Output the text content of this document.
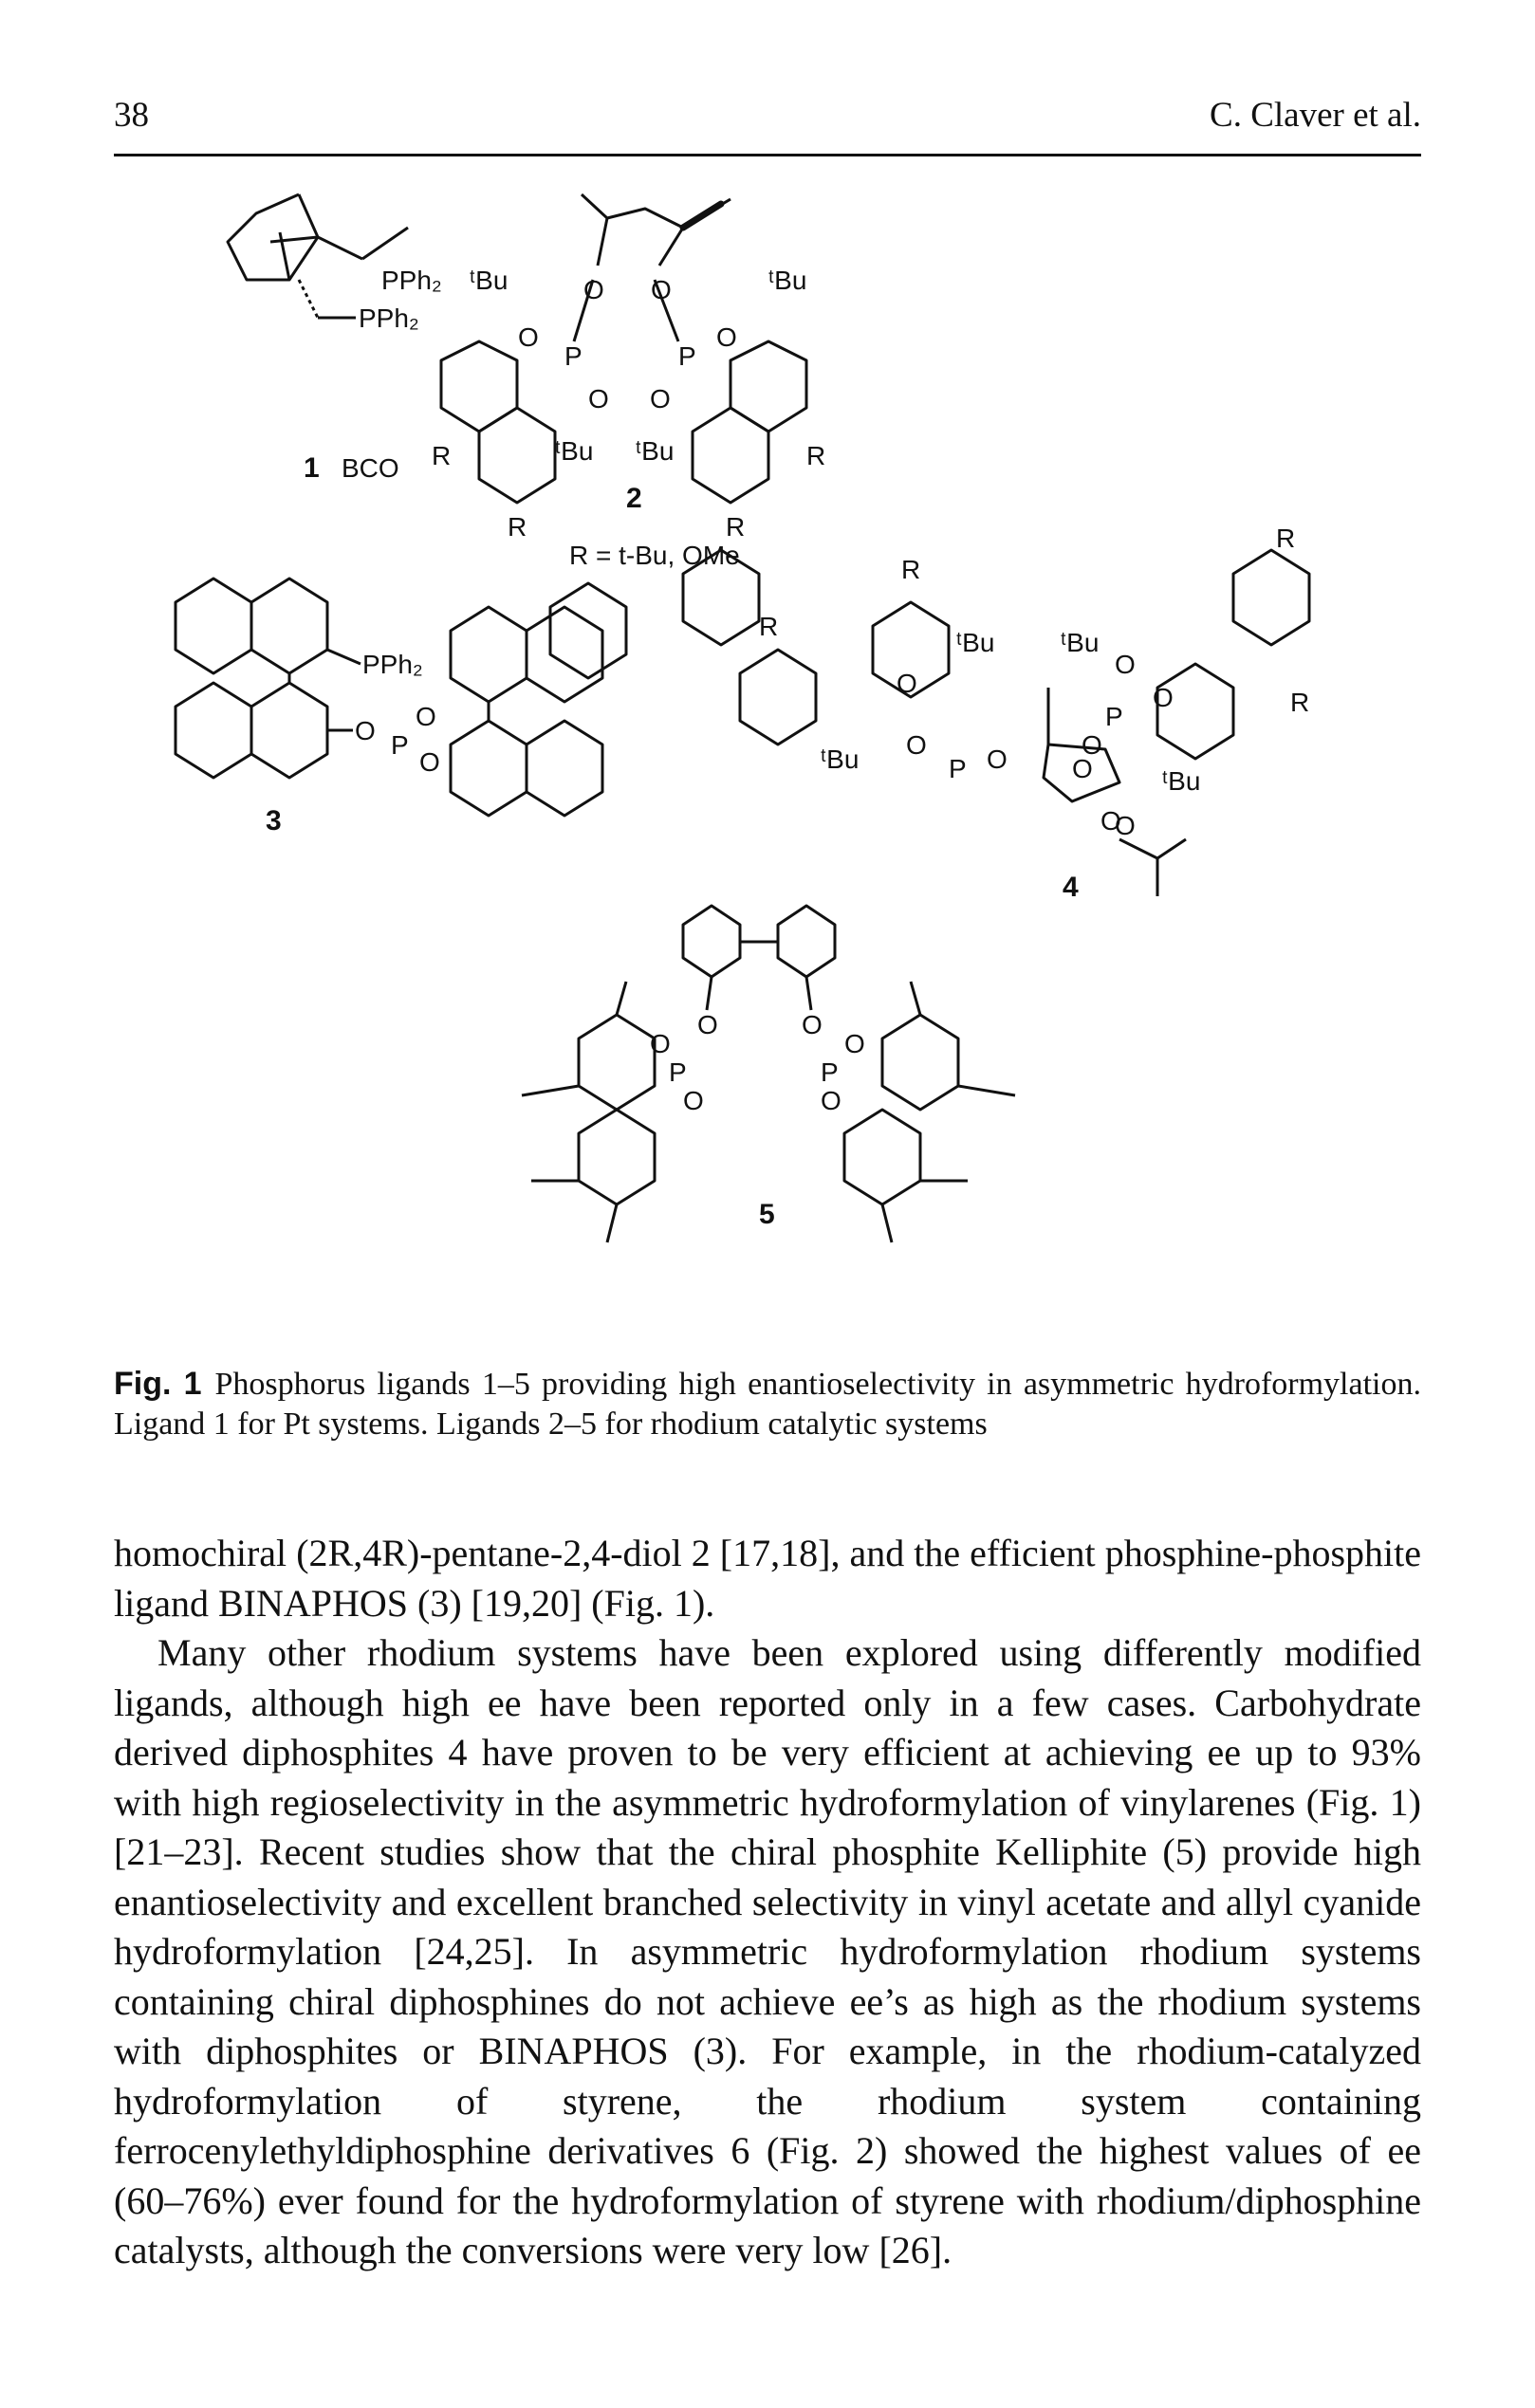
38	C. Claver et al.
PPh₂
PPh₂
1 BCO
O O
P
O
O
ᵗBu
ᵗBu
R
R
P
O
O
ᵗBu
ᵗBu	R
R
2
R = t-Bu, OMe
PPh₂
O P
O
O
3
R
R
R
R
ᵗBu
ᵗBu
ᵗBu
ᵗBu
O
O
P O
O
P
O
O
O
O
O
4
O	O
P	P
O
O
O
O
5
Fig. 1 Phosphorus ligands 1–5 providing high enantioselectivity in asymmetric hydroformylation. Ligand 1 for Pt systems. Ligands 2–5 for rhodium catalytic systems

homochiral (2R,4R)-pentane-2,4-diol 2 [17,18], and the efficient phosphine-phosphite ligand BINAPHOS (3) [19,20] (Fig. 1).

Many other rhodium systems have been explored using differently modified ligands, although high ee have been reported only in a few cases. Carbohydrate derived diphosphites 4 have proven to be very efficient at achieving ee up to 93% with high regioselectivity in the asymmetric hydroformylation of vinylarenes (Fig. 1) [21–23]. Recent studies show that the chiral phosphite Kelliphite (5) provide high enantioselectivity and excellent branched selectivity in vinyl acetate and allyl cyanide hydroformylation [24,25]. In asymmetric hydroformylation rhodium systems containing chiral diphosphines do not achieve ee’s as high as the rhodium systems with diphosphites or BINAPHOS (3). For example, in the rhodium-catalyzed hydroformylation of styrene, the rhodium system containing ferrocenylethyldiphosphine derivatives 6 (Fig. 2) showed the highest values of ee (60–76%) ever found for the hydroformylation of styrene with rhodium/diphosphine catalysts, although the conversions were very low [26].
